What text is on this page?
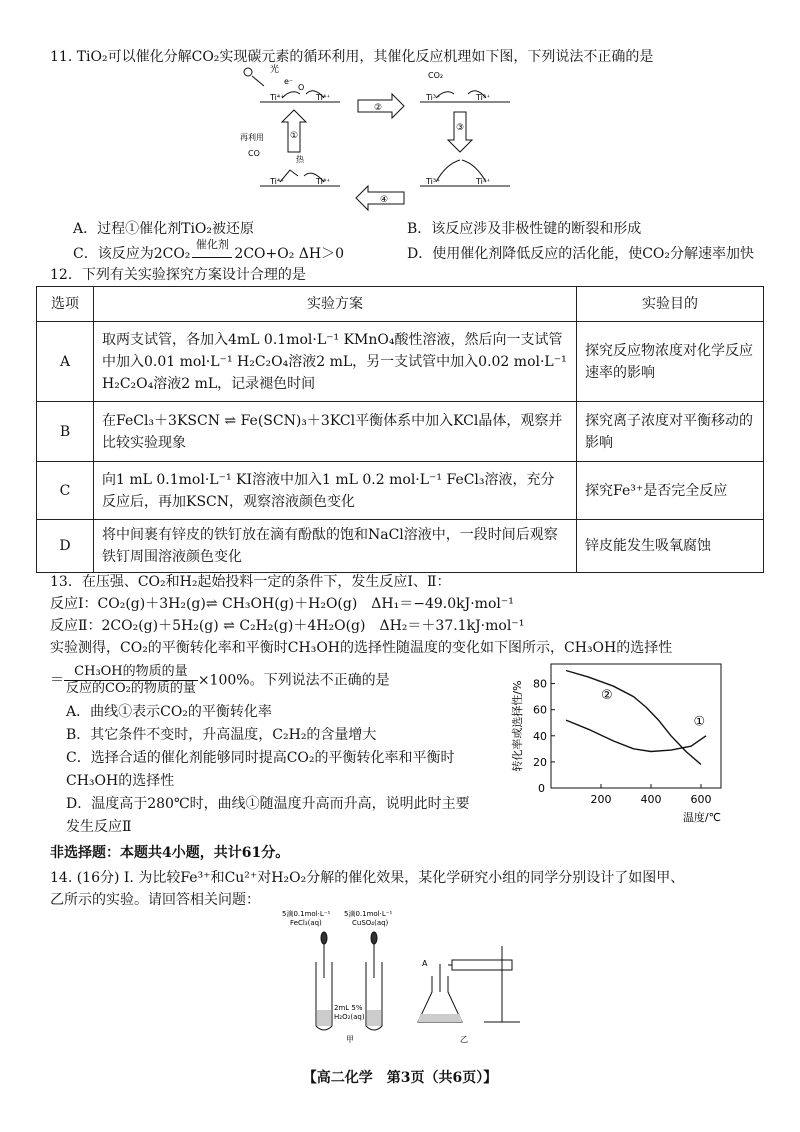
11. TiO₂可以催化分解CO₂实现碳元素的循环利用，其催化反应机理如下图，下列说法不正确的是
光
Ti⁴⁺	Ti⁴⁺
O
e⁻
②
CO₂
Ti³⁺	Ti³⁺
①
③
再利用
CO
热
Ti⁴⁺	Ti⁴⁺
④
Ti³⁺	Ti³⁺
A．过程①催化剂TiO₂被还原	B．该反应涉及非极性键的断裂和形成
C．该反应为2CO₂
催化剂
2CO+O₂ ΔH＞0	D．使用催化剂降低反应的活化能，使CO₂分解速率加快
12．下列有关实验探究方案设计合理的是
选项	实验方案	实验目的
A	取两支试管，各加入4mL 0.1mol·L⁻¹ KMnO₄酸性溶液，然后向一支试管中加入0.01 mol·L⁻¹ H₂C₂O₄溶液2 mL，另一支试管中加入0.02 mol·L⁻¹ H₂C₂O₄溶液2 mL，记录褪色时间	探究反应物浓度对化学反应速率的影响
B	在FeCl₃＋3KSCN ⇌ Fe(SCN)₃＋3KCl平衡体系中加入KCl晶体，观察并比较实验现象	探究离子浓度对平衡移动的影响
C	向1 mL 0.1mol·L⁻¹ KI溶液中加入1 mL 0.2 mol·L⁻¹ FeCl₃溶液，充分反应后，再加KSCN，观察溶液颜色变化	探究Fe³⁺是否完全反应
D	将中间裹有锌皮的铁钉放在滴有酚酞的饱和NaCl溶液中，一段时间后观察铁钉周围溶液颜色变化	锌皮能发生吸氧腐蚀
13．在压强、CO₂和H₂起始投料一定的条件下，发生反应Ⅰ、Ⅱ：
反应Ⅰ：CO₂(g)＋3H₂(g)⇌ CH₃OH(g)＋H₂O(g)　ΔH₁＝−49.0kJ·mol⁻¹
反应Ⅱ：2CO₂(g)＋5H₂(g) ⇌ C₂H₂(g)＋4H₂O(g)　ΔH₂＝＋37.1kJ·mol⁻¹
实验测得，CO₂的平衡转化率和平衡时CH₃OH的选择性随温度的变化如下图所示，CH₃OH的选择性
＝ $\frac{\text{CH₃OH的物质的量}}{\text{反应的CO₂的物质的量}} \times 100\%$。下列说法不正确的是
A．曲线①表示CO₂的平衡转化率
B．其它条件不变时，升高温度，C₂H₂的含量增大
C．选择合适的催化剂能够同时提高CO₂的平衡转化率和平衡时
CH₃OH的选择性
D．温度高于280℃时，曲线①随温度升高而升高，说明此时主要
发生反应Ⅱ
20
40
60
80
0
200	400	600
温度/℃
转化率或选择性/%	①
②
非选择题：本题共4小题，共计61分。
14. (16分) Ⅰ. 为比较Fe³⁺和Cu²⁺对H₂O₂分解的催化效果，某化学研究小组的同学分别设计了如图甲、
乙所示的实验。请回答相关问题：
5滴0.1mol·L⁻¹
FeCl₃(aq)
5滴0.1mol·L⁻¹
CuSO₄(aq)
2mL 5%
H₂O₂(aq)
甲
A
乙
【高二化学　第3页（共6页）】
